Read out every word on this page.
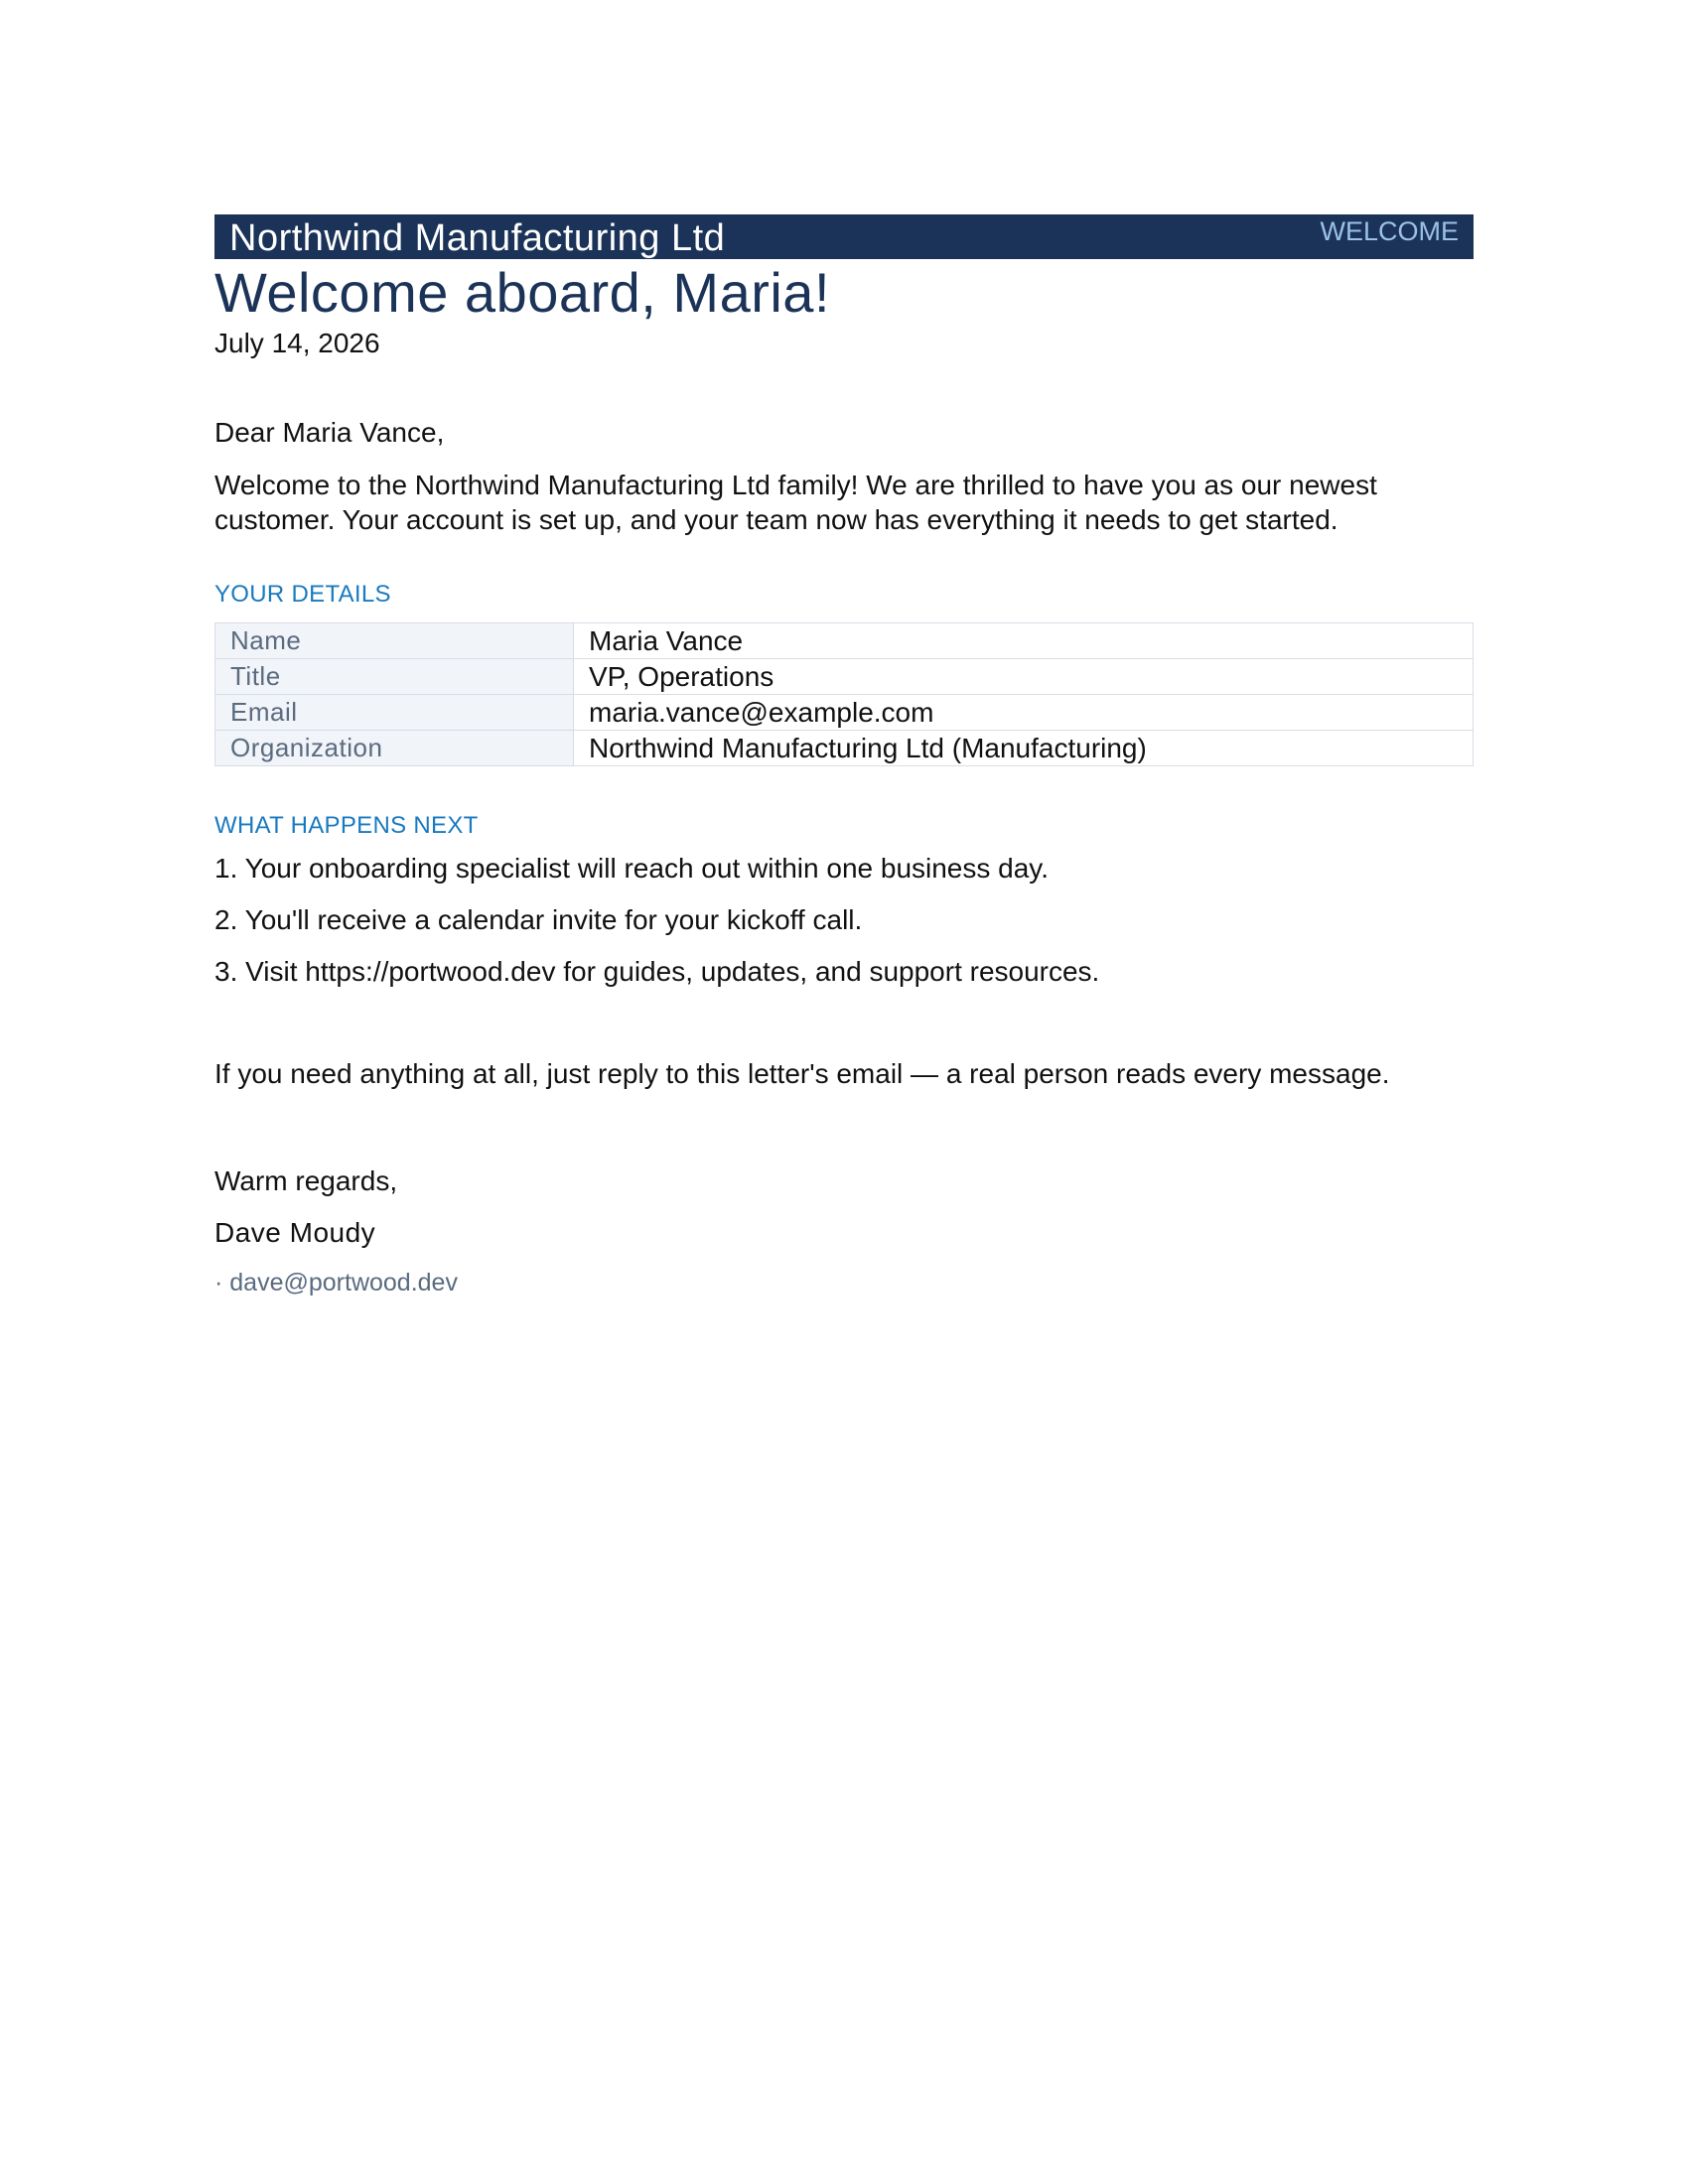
Northwind Manufacturing Ltd	WELCOME
Welcome aboard, Maria!

July 14, 2026

Dear Maria Vance,

Welcome to the Northwind Manufacturing Ltd family! We are thrilled to have you as our newest customer. Your account is set up, and your team now has everything it needs to get started.

YOUR DETAILS

Name	Maria Vance
Title	VP, Operations
Email	maria.vance@example.com
Organization	Northwind Manufacturing Ltd (Manufacturing)

WHAT HAPPENS NEXT

1. Your onboarding specialist will reach out within one business day.
2. You'll receive a calendar invite for your kickoff call.
3. Visit https://portwood.dev for guides, updates, and support resources.

If you need anything at all, just reply to this letter's email — a real person reads every message.

Warm regards,

Dave Moudy

· dave@portwood.dev
